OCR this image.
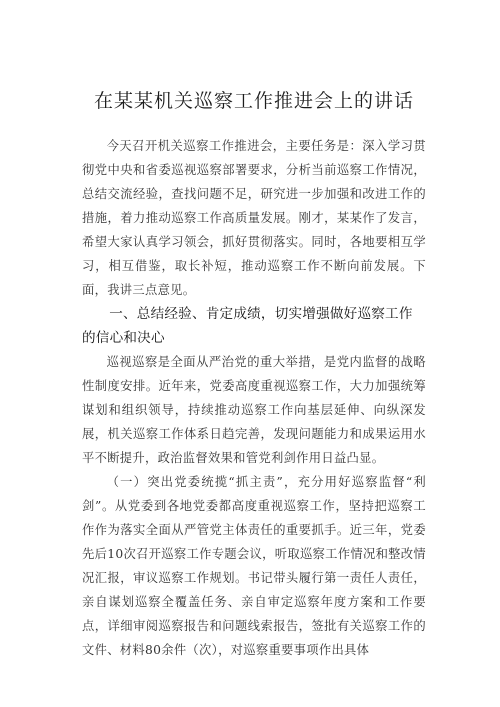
在某某机关巡察工作推进会上的讲话

今天召开机关巡察工作推进会，主要任务是：深入学习贯彻党中央和省委巡视巡察部署要求，分析当前巡察工作情况，总结交流经验，查找问题不足，研究进一步加强和改进工作的措施，着力推动巡察工作高质量发展。刚才，某某作了发言，希望大家认真学习领会，抓好贯彻落实。同时，各地要相互学习，相互借鉴，取长补短，推动巡察工作不断向前发展。下面，我讲三点意见。

一、总结经验、肯定成绩，切实增强做好巡察工作的信心和决心

巡视巡察是全面从严治党的重大举措，是党内监督的战略性制度安排。近年来，党委高度重视巡察工作，大力加强统筹谋划和组织领导，持续推动巡察工作向基层延伸、向纵深发展，机关巡察工作体系日趋完善，发现问题能力和成果运用水平不断提升，政治监督效果和管党利剑作用日益凸显。

（一）突出党委统揽“抓主责”，充分用好巡察监督“利剑”。从党委到各地党委都高度重视巡察工作，坚持把巡察工作作为落实全面从严管党主体责任的重要抓手。近三年，党委先后10次召开巡察工作专题会议，听取巡察工作情况和整改情况汇报，审议巡察工作规划。书记带头履行第一责任人责任，亲自谋划巡察全覆盖任务、亲自审定巡察年度方案和工作要点，详细审阅巡察报告和问题线索报告，签批有关巡察工作的文件、材料80余件（次），对巡察重要事项作出具体
